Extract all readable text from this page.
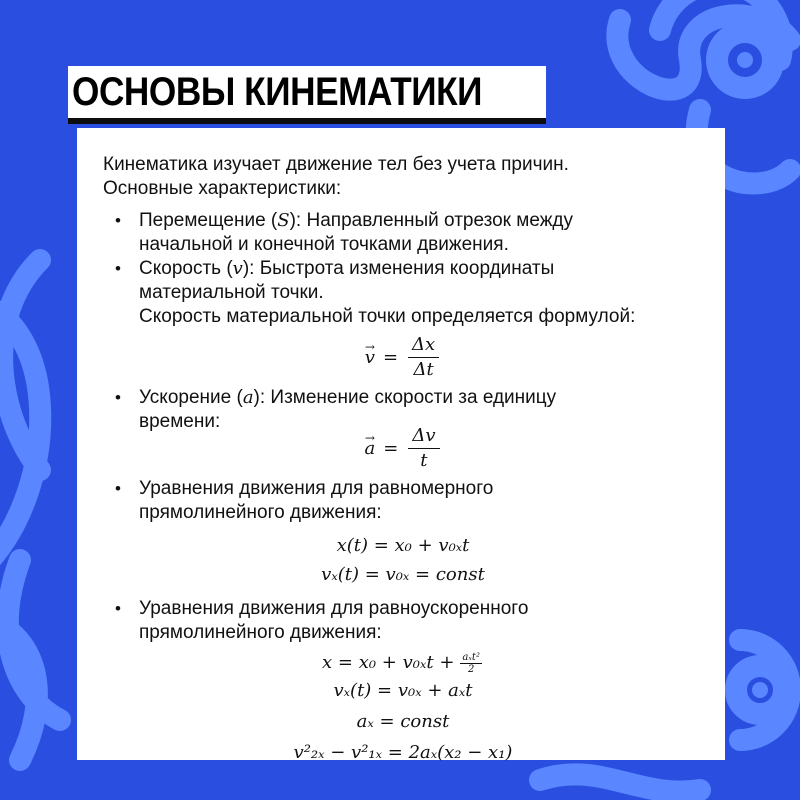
ОСНОВЫ КИНЕМАТИКИ

Кинематика изучает движение тел без учета причин.

Основные характеристики:

• Перемещение (S): Направленный отрезок между
начальной и конечной точками движения.
• Скорость (v): Быстрота изменения координаты
материальной точки.
Скорость материальной точки определяется формулой:
→ $v = \frac{\Delta x}{\Delta t}$
• Ускорение (a): Изменение скорости за единицу
времени:
→ $a = \frac{\Delta v}{t}$
• Уравнения движения для равномерного
прямолинейного движения:
x(t) = x₀ + v₀ₓt
vₓ(t) = v₀ₓ = const
• Уравнения движения для равноускоренного
прямолинейного движения:
$x = x_0 + v_{0x}t + \frac{\text{aₓt²}}{2}$
vₓ(t) = v₀ₓ + aₓt
aₓ = const
v²₂ₓ − v²₁ₓ = 2aₓ(x₂ − x₁)
